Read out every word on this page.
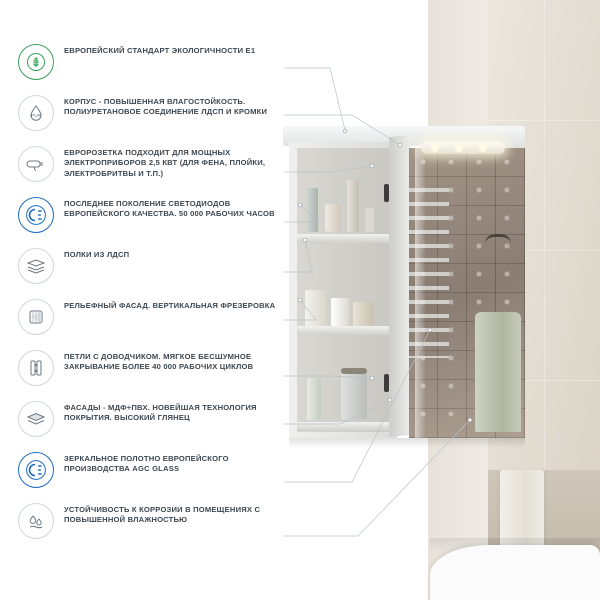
E1
ЕВРОПЕЙСКИЙ СТАНДАРТ ЭКОЛОГИЧНОСТИ Е1
PUR
КОРПУС - ПОВЫШЕННАЯ ВЛАГОСТОЙКОСТЬ. ПОЛИУРЕТАНОВОЕ СОЕДИНЕНИЕ ЛДСП И КРОМКИ
ЕВРОРОЗЕТКА ПОДХОДИТ ДЛЯ МОЩНЫХ ЭЛЕКТРОПРИБОРОВ 2,5 КВТ (ДЛЯ ФЕНА, ПЛОЙКИ, ЭЛЕКТРОБРИТВЫ И Т.П.)
ПОСЛЕДНЕЕ ПОКОЛЕНИЕ СВЕТОДИОДОВ ЕВРОПЕЙСКОГО КАЧЕСТВА. 50 000 РАБОЧИХ ЧАСОВ
ПОЛКИ ИЗ ЛДСП
РЕЛЬЕФНЫЙ ФАСАД. ВЕРТИКАЛЬНАЯ ФРЕЗЕРОВКА
ПЕТЛИ С ДОВОДЧИКОМ. МЯГКОЕ БЕСШУМНОЕ ЗАКРЫВАНИЕ БОЛЕЕ 40 000 РАБОЧИХ ЦИКЛОВ
ФАСАДЫ - МДФ+ПВХ. НОВЕЙШАЯ ТЕХНОЛОГИЯ ПОКРЫТИЯ. ВЫСОКИЙ ГЛЯНЕЦ
ЗЕРКАЛЬНОЕ ПОЛОТНО ЕВРОПЕЙСКОГО ПРОИЗВОДСТВА AGC GLASS
УСТОЙЧИВОСТЬ К КОРРОЗИИ В ПОМЕЩЕНИЯХ С ПОВЫШЕННОЙ ВЛАЖНОСТЬЮ
